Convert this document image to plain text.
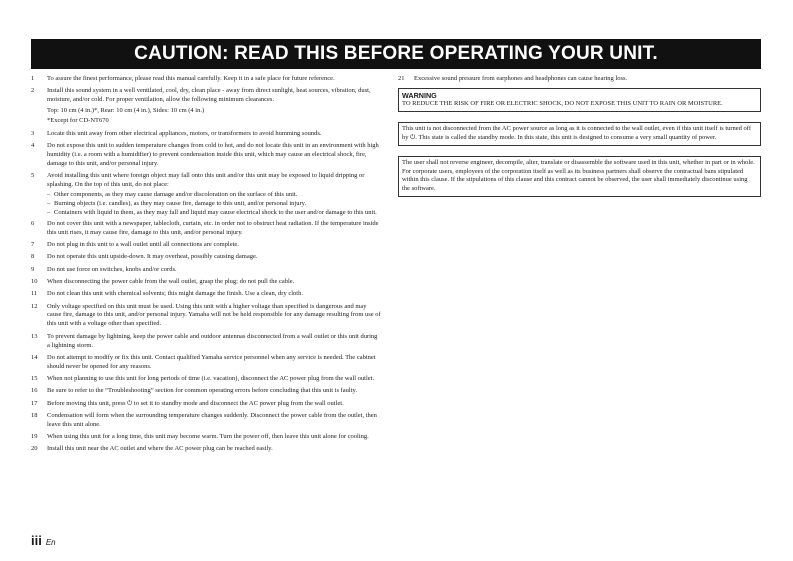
CAUTION: READ THIS BEFORE OPERATING YOUR UNIT.
1	To assure the finest performance, please read this manual carefully. Keep it in a safe place for future reference.
2	Install this sound system in a well ventilated, cool, dry, clean place - away from direct sunlight, heat sources, vibration, dust, moisture, and/or cold. For proper ventilation, allow the following minimum clearances.
Top: 10 cm (4 in.)*, Rear: 10 cm (4 in.), Sides: 10 cm (4 in.)
*Except for CD-NT670
3	Locate this unit away from other electrical appliances, motors, or transformers to avoid humming sounds.
4	Do not expose this unit to sudden temperature changes from cold to hot, and do not locate this unit in an environment with high humidity (i.e. a room with a humidifier) to prevent condensation inside this unit, which may cause an electrical shock, fire, damage to this unit, and/or personal injury.
5	Avoid installing this unit where foreign object may fall onto this unit and/or this unit may be exposed to liquid dripping or splashing. On the top of this unit, do not place:
– Other components, as they may cause damage and/or discoloration on the surface of this unit.
– Burning objects (i.e. candles), as they may cause fire, damage to this unit, and/or personal injury.
– Containers with liquid in them, as they may fall and liquid may cause electrical shock to the user and/or damage to this unit.
6	Do not cover this unit with a newspaper, tablecloth, curtain, etc. in order not to obstruct heat radiation. If the temperature inside this unit rises, it may cause fire, damage to this unit, and/or personal injury.
7	Do not plug in this unit to a wall outlet until all connections are complete.
8	Do not operate this unit upside-down. It may overheat, possibly causing damage.
9	Do not use force on switches, knobs and/or cords.
10	When disconnecting the power cable from the wall outlet, grasp the plug; do not pull the cable.
11	Do not clean this unit with chemical solvents; this might damage the finish. Use a clean, dry cloth.
12	Only voltage specified on this unit must be used. Using this unit with a higher voltage than specified is dangerous and may cause fire, damage to this unit, and/or personal injury. Yamaha will not be held responsible for any damage resulting from use of this unit with a voltage other than specified.
13	To prevent damage by lightning, keep the power cable and outdoor antennas disconnected from a wall outlet or this unit during a lightning storm.
14	Do not attempt to modify or fix this unit. Contact qualified Yamaha service personnel when any service is needed. The cabinet should never be opened for any reasons.
15	When not planning to use this unit for long periods of time (i.e. vacation), disconnect the AC power plug from the wall outlet.
16	Be sure to refer to the “Troubleshooting” section for common operating errors before concluding that this unit is faulty.
17	Before moving this unit, press ⏻ to set it to standby mode and disconnect the AC power plug from the wall outlet.
18	Condensation will form when the surrounding temperature changes suddenly. Disconnect the power cable from the outlet, then leave this unit alone.
19	When using this unit for a long time, this unit may become warm. Turn the power off, then leave this unit alone for cooling.
20	Install this unit near the AC outlet and where the AC power plug can be reached easily.
21	Excessive sound pressure from earphones and headphones can cause hearing loss.
WARNING
TO REDUCE THE RISK OF FIRE OR ELECTRIC SHOCK, DO NOT EXPOSE THIS UNIT TO RAIN OR MOISTURE.
This unit is not disconnected from the AC power source as long as it is connected to the wall outlet, even if this unit itself is turned off by ⏻. This state is called the standby mode. In this state, this unit is designed to consume a very small quantity of power.
The user shall not reverse engineer, decompile, alter, translate or disassemble the software used in this unit, whether in part or in whole. For corporate users, employees of the corporation itself as well as its business partners shall observe the contractual bans stipulated within this clause. If the stipulations of this clause and this contract cannot be observed, the user shall immediately discontinue using the software.
iii En
